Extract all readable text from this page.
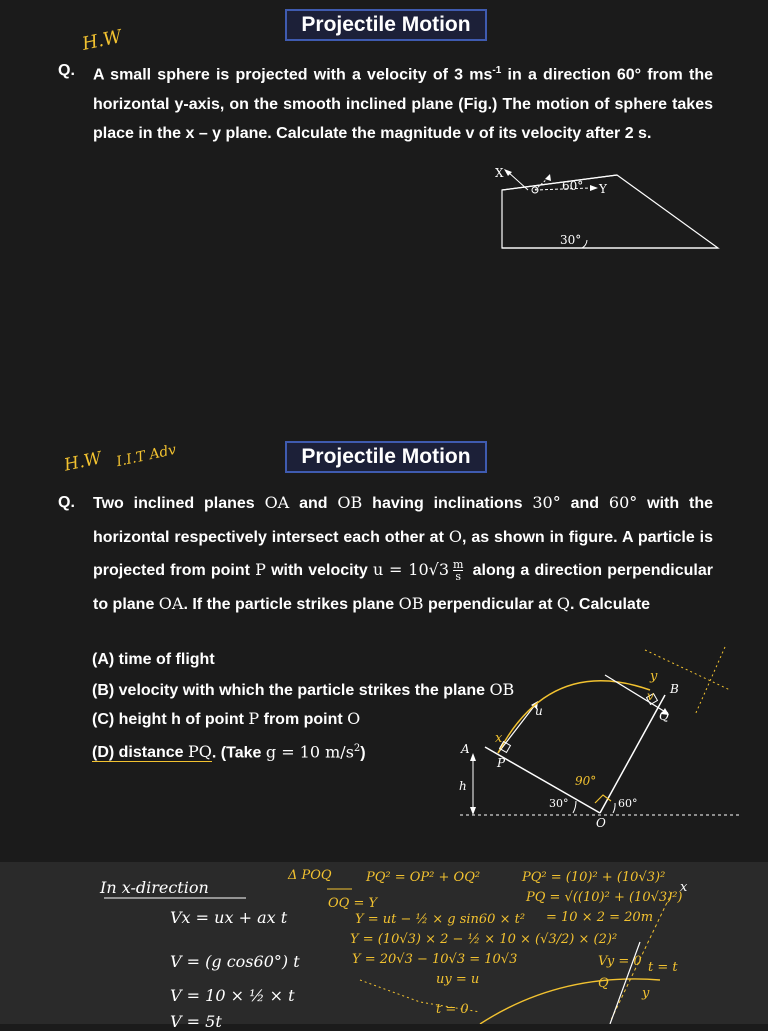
Projectile Motion
H.W
Q. A small sphere is projected with a velocity of 3 $ms^{-1}$ in a direction 60° from the horizontal y-axis, on the smooth inclined plane (Fig.) The motion of sphere takes place in the x – y plane. Calculate the magnitude v of its velocity after 2 s.
X
Y
60°
30°
Projectile Motion
H.W I.I.T Adv
Q. Two inclined planes OA and OB having inclinations 30° and 60° with the horizontal respectively intersect each other at O, as shown in figure. A particle is projected from point P with velocity $u = 10√3 \frac{m}{s}$ along a direction perpendicular to plane OA. If the particle strikes plane OB perpendicular at Q. Calculate
(A) time of flight
(B) velocity with which the particle strikes the plane OB
(C) height h of point P from point O
(D) distance PQ. (Take g = 10 $m/s^2$)	A
B
P
Q
O
h
30°	60°
90°
u
x
y
v
In x-direction
Vx = ux + ax t
V = (g cos60°) t
V = 10 × ½ × t
V = 5t
Δ POQ	PQ² = OP² + OQ²
OQ = Y
Y = ut − ½ × g sin60 × t²
Y = (10√3) × 2 − ½ × 10 × (√3/2) × (2)²
Y = 20√3 − 10√3 = 10√3
PQ² = (10)² + (10√3)²
PQ = √((10)² + (10√3)²)
= 10 × 2 = 20m
uy = u
t = 0
Vy = 0 t = t
Q
y
x
